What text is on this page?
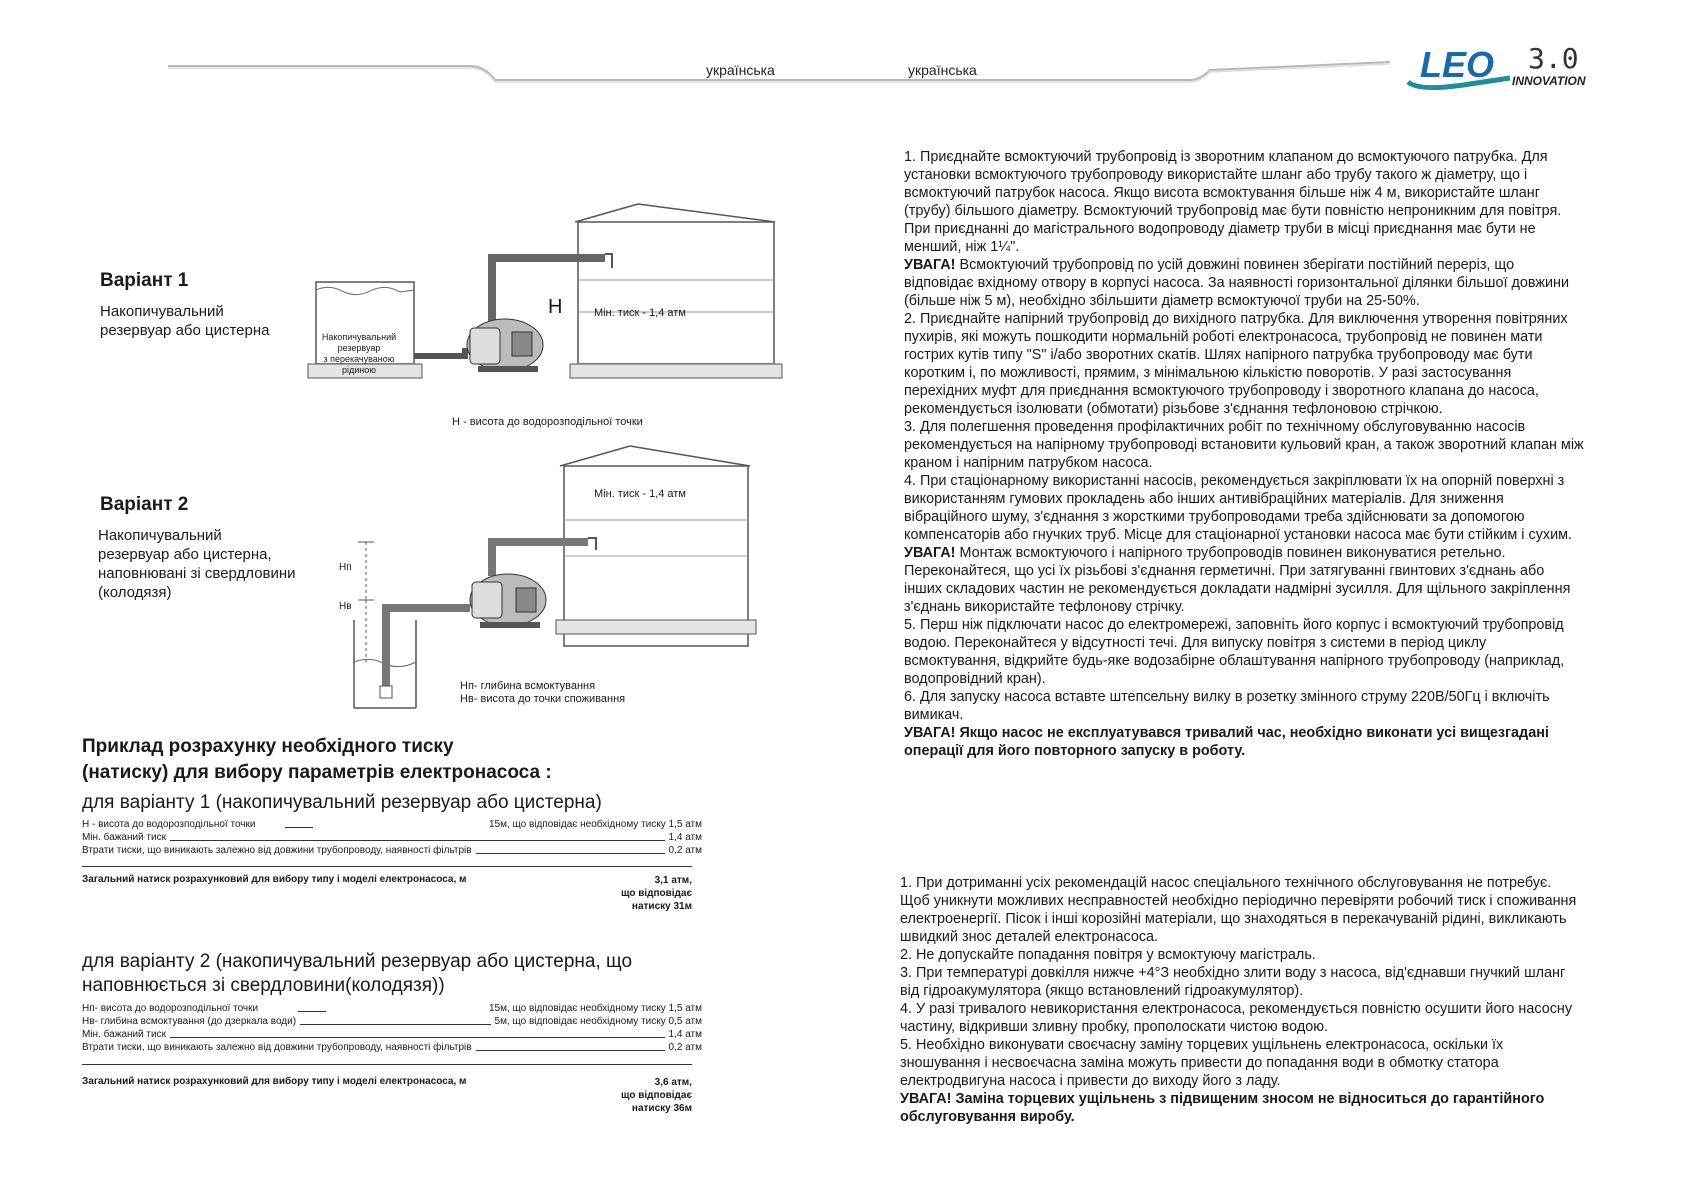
українська	українська	LEO 3.0
INNOVATION
Варіант 1
Накопичувальний
резервуар або цистерна	Накопичувальний
резервуар
з перекачуваною
рідиною
H	Мін. тиск - 1,4 атм
H - висота до водорозподільної точки
Варіант 2
Накопичувальний
резервуар або цистерна,
наповнювані зі свердловини
(колодязя)
Мін. тиск - 1,4 атм
Hп
Hв
Hп- глибина всмоктування
Hв- висота до точки споживання
Приклад розрахунку необхідного тиску
(натиску) для вибору параметрів електронасоса :
для варіанту 1 (накопичувальний резервуар або цистерна)
H - висота до водорозподільної точки	15м, що відповідає необхідному тиску 1,5 атм
Мін. бажаний тиск	1,4 атм
Втрати тиски, що виникають залежно від довжини трубопроводу, наявності фільтрів	0,2 атм
Загальний натиск розрахунковий для вибору типу і моделі електронасоса, м	3,1 атм,
що відповідає
натиску 31м
для варіанту 2 (накопичувальний резервуар або цистерна, що
наповнюється зі свердловини(колодязя))
Hп- висота до водорозподільної точки	15м, що відповідає необхідному тиску 1,5 атм
Hв- глибина всмоктування (до дзеркала води)	5м, що відповідає необхідному тиску 0,5 атм
Мін. бажаний тиск	1,4 атм
Втрати тиски, що виникають залежно від довжини трубопроводу, наявності фільтрів	0,2 атм
Загальний натиск розрахунковий для вибору типу і моделі електронасоса, м	3,6 атм,
що відповідає
натиску 36м

1. Приєднайте всмоктуючий трубопровід із зворотним клапаном до всмоктуючого патрубка. Для установки всмоктуючого трубопроводу використайте шланг або трубу такого ж діаметру, що і всмоктуючий патрубок насоса. Якщо висота всмоктування більше ніж 4 м, використайте шланг (трубу) більшого діаметру. Всмоктуючий трубопровід має бути повністю непроникним для повітря.

При приєднанні до магістрального водопроводу діаметр труби в місці приєднання має бути не менший, ніж 1¼".

УВАГА! Всмоктуючий трубопровід по усій довжині повинен зберігати постійний переріз, що відповідає вхідному отвору в корпусі насоса. За наявності горизонтальної ділянки більшої довжини (більше ніж 5 м), необхідно збільшити діаметр всмоктуючої труби на 25-50%.

2. Приєднайте напірний трубопровід до вихідного патрубка. Для виключення утворення повітряних пухирів, які можуть пошкодити нормальній роботі електронасоса, трубопровід не повинен мати гострих кутів типу "S" і/або зворотних скатів. Шлях напірного патрубка трубопроводу має бути коротким і, по можливості, прямим, з мінімальною кількістю поворотів. У разі застосування перехідних муфт для приєднання всмоктуючого трубопроводу і зворотного клапана до насоса, рекомендується ізолювати (обмотати) різьбове з'єднання тефлоновою стрічкою.

3. Для полегшення проведення профілактичних робіт по технічному обслуговуванню насосів рекомендується на напірному трубопроводі встановити кульовий кран, а також зворотний клапан між краном і напірним патрубком насоса.

4. При стаціонарному використанні насосів, рекомендується закріплювати їх на опорній поверхні з використанням гумових прокладень або інших антивібраційних матеріалів. Для зниження вібраційного шуму, з'єднання з жорсткими трубопроводами треба здійснювати за допомогою компенсаторів або гнучких труб. Місце для стаціонарної установки насоса має бути стійким і сухим.

УВАГА! Монтаж всмоктуючого і напірного трубопроводів повинен виконуватися ретельно. Переконайтеся, що усі їх різьбові з'єднання герметичні. При затягуванні гвинтових з'єднань або інших складових частин не рекомендується докладати надмірні зусилля. Для щільного закріплення з'єднань використайте тефлонову стрічку.

5. Перш ніж підключати насос до електромережі, заповніть його корпус і всмоктуючий трубопровід водою. Переконайтеся у відсутності течі. Для випуску повітря з системи в період циклу всмоктування, відкрийте будь-яке водозабірне облаштування напірного трубопроводу (наприклад, водопровідний кран).

6. Для запуску насоса вставте штепсельну вилку в розетку змінного струму 220В/50Гц і включіть вимикач.

УВАГА! Якщо насос не експлуатувався тривалий час, необхідно виконати усі вищезгадані операції для його повторного запуску в роботу.

1. При дотриманні усіх рекомендацій насос спеціального технічного обслуговування не потребує. Щоб уникнути можливих несправностей необхідно періодично перевіряти робочий тиск і споживання електроенергії. Пісок і інші корозійні матеріали, що знаходяться в перекачуваній рідині, викликають швидкий знос деталей електронасоса.

2. Не допускайте попадання повітря у всмоктуючу магістраль.

3. При температурі довкілля нижче +4°З необхідно злити воду з насоса, від'єднавши гнучкий шланг від гідроакумулятора (якщо встановлений гідроакумулятор).

4. У разі тривалого невикористання електронасоса, рекомендується повністю осушити його насосну частину, відкривши зливну пробку, прополоскати чистою водою.

5. Необхідно виконувати своєчасну заміну торцевих ущільнень електронасоса, оскільки їх зношування і несвоєчасна заміна можуть привести до попадання води в обмотку статора електродвигуна насоса і привести до виходу його з ладу.

УВАГА! Заміна торцевих ущільнень з підвищеним зносом не відноситься до гарантійного обслуговування виробу.
